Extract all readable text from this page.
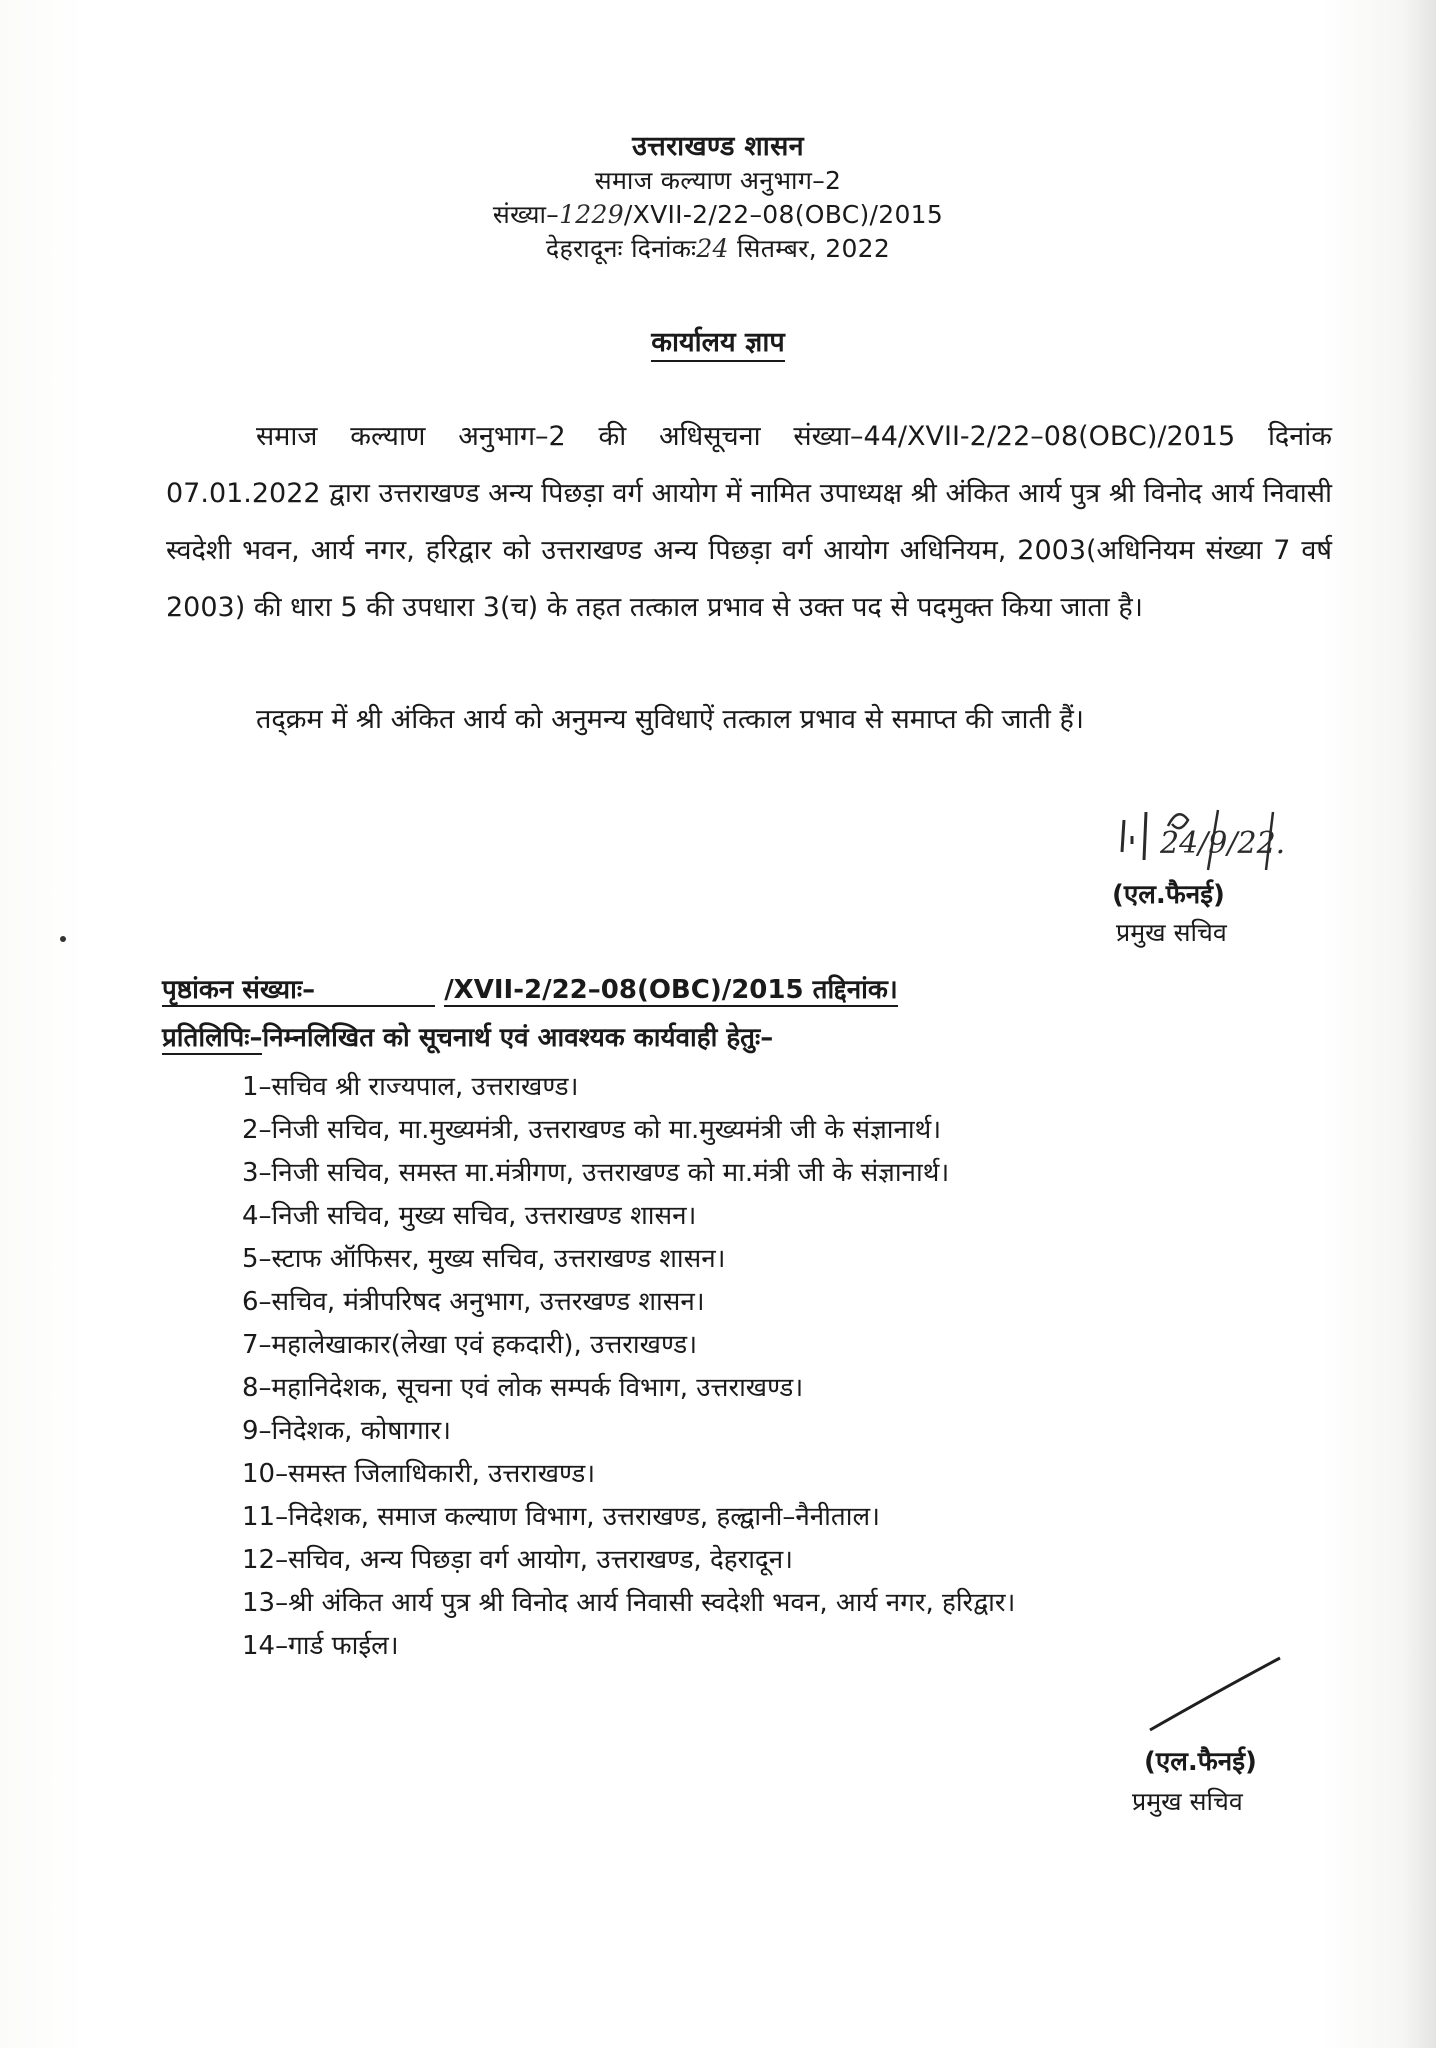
उत्तराखण्ड शासन
समाज कल्याण अनुभाग–2
संख्या–1229/XVII-2/22–08(OBC)/2015
देहरादूनः दिनांकः24 सितम्बर, 2022
कार्यालय ज्ञाप
समाज कल्याण अनुभाग–2 की अधिसूचना संख्या–44/XVII-2/22–08(OBC)/2015 दिनांक 07.01.2022 द्वारा उत्तराखण्ड अन्य पिछड़ा वर्ग आयोग में नामित उपाध्यक्ष श्री अंकित आर्य पुत्र श्री विनोद आर्य निवासी स्वदेशी भवन, आर्य नगर, हरिद्वार को उत्तराखण्ड अन्य पिछड़ा वर्ग आयोग अधिनियम, 2003(अधिनियम संख्या 7 वर्ष 2003) की धारा 5 की उपधारा 3(च) के तहत तत्काल प्रभाव से उक्त पद से पदमुक्त किया जाता है।
तद्क्रम में श्री अंकित आर्य को अनुमन्य सुविधाऐं तत्काल प्रभाव से समाप्त की जाती हैं।
24/9/22.
(एल.फैनई)
प्रमुख सचिव
पृष्ठांकन संख्याः–	/XVII-2/22–08(OBC)/2015 तद्दिनांक।
प्रतिलिपिः–निम्नलिखित को सूचनार्थ एवं आवश्यक कार्यवाही हेतुः–
1–सचिव श्री राज्यपाल, उत्तराखण्ड।
2–निजी सचिव, मा.मुख्यमंत्री, उत्तराखण्ड को मा.मुख्यमंत्री जी के संज्ञानार्थ।
3–निजी सचिव, समस्त मा.मंत्रीगण, उत्तराखण्ड को मा.मंत्री जी के संज्ञानार्थ।
4–निजी सचिव, मुख्य सचिव, उत्तराखण्ड शासन।
5–स्टाफ ऑफिसर, मुख्य सचिव, उत्तराखण्ड शासन।
6–सचिव, मंत्रीपरिषद अनुभाग, उत्तरखण्ड शासन।
7–महालेखाकार(लेखा एवं हकदारी), उत्तराखण्ड।
8–महानिदेशक, सूचना एवं लोक सम्पर्क विभाग, उत्तराखण्ड।
9–निदेशक, कोषागार।
10–समस्त जिलाधिकारी, उत्तराखण्ड।
11–निदेशक, समाज कल्याण विभाग, उत्तराखण्ड, हल्द्वानी–नैनीताल।
12–सचिव, अन्य पिछड़ा वर्ग आयोग, उत्तराखण्ड, देहरादून।
13–श्री अंकित आर्य पुत्र श्री विनोद आर्य निवासी स्वदेशी भवन, आर्य नगर, हरिद्वार।
14–गार्ड फाईल।
(एल.फैनई)
प्रमुख सचिव
